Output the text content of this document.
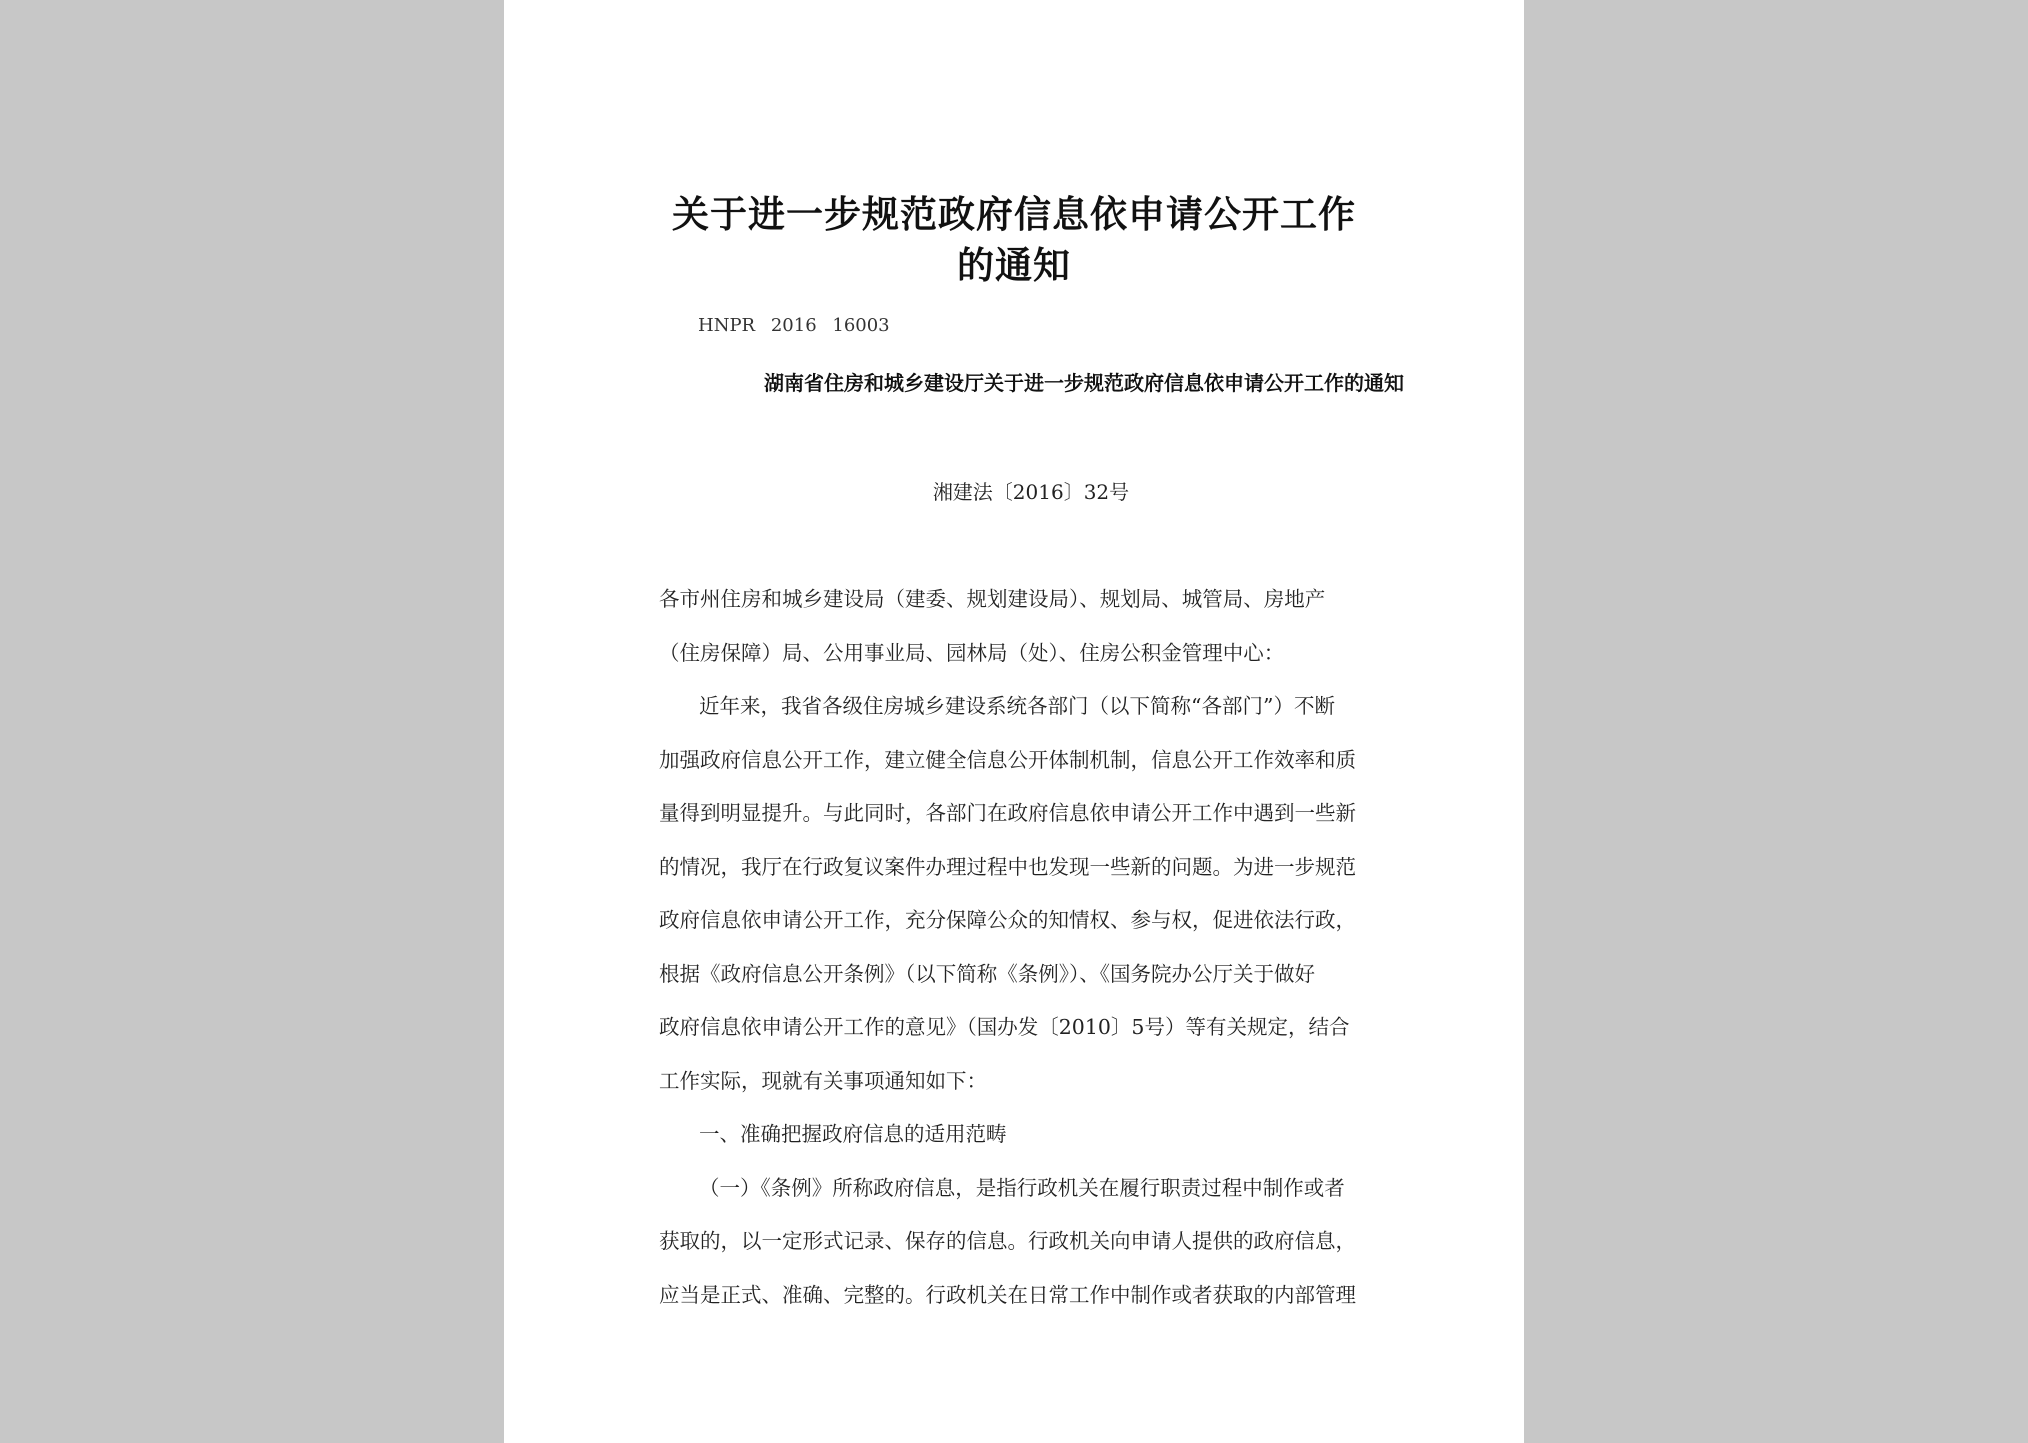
关于进一步规范政府信息依申请公开工作
的通知
HNPR 2016 16003
湖南省住房和城乡建设厅关于进一步规范政府信息依申请公开工作的通知
湘建法〔2016〕32号
各市州住房和城乡建设局（建委、规划建设局）、规划局、城管局、房地产
（住房保障）局、公用事业局、园林局（处）、住房公积金管理中心：
近年来，我省各级住房城乡建设系统各部门（以下简称“各部门”）不断
加强政府信息公开工作，建立健全信息公开体制机制，信息公开工作效率和质
量得到明显提升。与此同时，各部门在政府信息依申请公开工作中遇到一些新
的情况，我厅在行政复议案件办理过程中也发现一些新的问题。为进一步规范
政府信息依申请公开工作，充分保障公众的知情权、参与权，促进依法行政，
根据《政府信息公开条例》（以下简称《条例》）、《国务院办公厅关于做好
政府信息依申请公开工作的意见》（国办发〔2010〕5号）等有关规定，结合
工作实际，现就有关事项通知如下：
一、准确把握政府信息的适用范畴
（一）《条例》所称政府信息，是指行政机关在履行职责过程中制作或者
获取的，以一定形式记录、保存的信息。行政机关向申请人提供的政府信息，
应当是正式、准确、完整的。行政机关在日常工作中制作或者获取的内部管理
